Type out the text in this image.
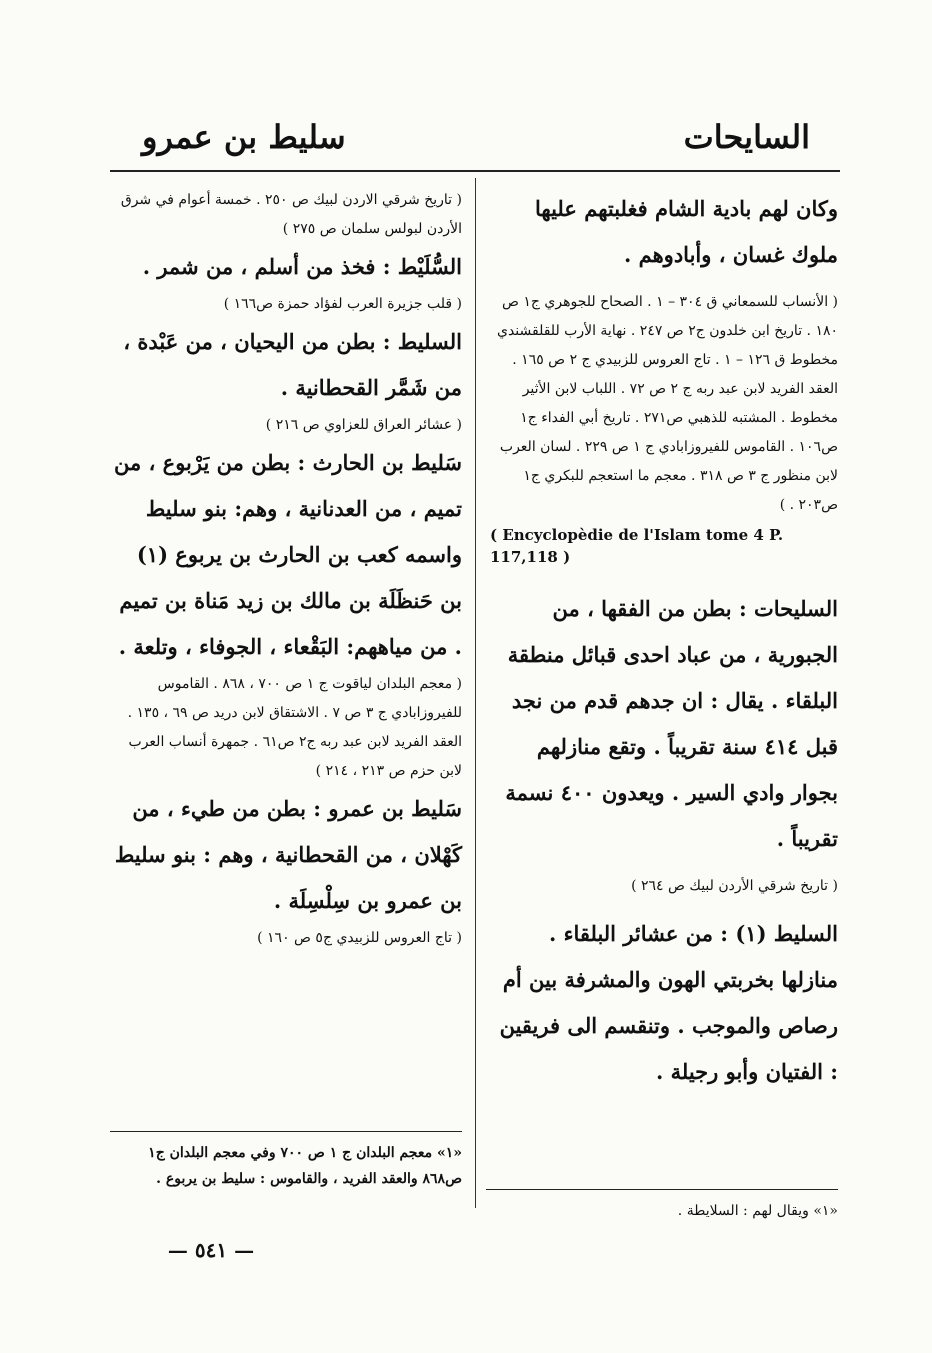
السايحات
سليط بن عمرو

وكان لهم بادية الشام فغلبتهم عليها ملوك غسان ، وأبادوهم .

( الأنساب للسمعاني ق ٣٠٤ – ١ . الصحاح للجوهري ج١ ص ١٨٠ . تاريخ ابن خلدون ج٢ ص ٢٤٧ . نهاية الأرب للقلقشندي مخطوط ق ١٢٦ – ١ . تاج العروس للزبيدي ج ٢ ص ١٦٥ . العقد الفريد لابن عبد ربه ج ٢ ص ٧٢ . اللباب لابن الأثير مخطوط . المشتبه للذهبي ص٢٧١ . تاريخ أبي الفداء ج١ ص١٠٦ . القاموس للفيروزابادي ج ١ ص ٢٢٩ . لسان العرب لابن منظور ج ٣ ص ٣١٨ . معجم ما استعجم للبكري ج١ ص٢٠٣ . )

( Encyclopèdie de l'Islam tome 4 P. 117,118 )

السليحات : بطن من الفقها ، من الجبورية ، من عباد احدى قبائل منطقة البلقاء . يقال : ان جدهم قدم من نجد قبل ٤١٤ سنة تقريباً . وتقع منازلهم بجوار وادي السير . ويعدون ٤٠٠ نسمة تقريباً .

( تاريخ شرقي الأردن لبيك ص ٢٦٤ )

السليط (١) : من عشائر البلقاء . منازلها بخربتي الهون والمشرفة بين أم رصاص والموجب . وتنقسم الى فريقين : الفتيان وأبو رجيلة .

( تاريخ شرقي الاردن لبيك ص ٢٥٠ . خمسة أعوام في شرق الأردن لبولس سلمان ص ٢٧٥ )

السُّلَيْط : فخذ من أسلم ، من شمر .

( قلب جزيرة العرب لفؤاد حمزة ص١٦٦ )

السليط : بطن من اليحيان ، من عَبْدة ، من شَمَّر القحطانية .

( عشائر العراق للعزاوي ص ٢١٦ )

سَليط بن الحارث : بطن من يَرْبوع ، من تميم ، من العدنانية ، وهم: بنو سليط واسمه كعب بن الحارث بن يربوع (١) بن حَنظَلَة بن مالك بن زيد مَناة بن تميم . من مياههم: البَقْعاء ، الجوفاء ، وتلعة .

( معجم البلدان لياقوت ج ١ ص ٧٠٠ ، ٨٦٨ . القاموس للفيروزابادي ج ٣ ص ٧ . الاشتقاق لابن دريد ص ٦٩ ، ١٣٥ . العقد الفريد لابن عبد ربه ج٢ ص٦١ . جمهرة أنساب العرب لابن حزم ص ٢١٣ ، ٢١٤ )

سَليط بن عمرو : بطن من طيء ، من كَهْلان ، من القحطانية ، وهم : بنو سليط بن عمرو بن سِلْسِلَة .

( تاج العروس للزبيدي ج٥ ص ١٦٠ )

«١» معجم البلدان ج ١ ص ٧٠٠ وفي معجم البلدان ج١ ص٨٦٨ والعقد الفريد ، والقاموس : سليط بن يربوع .
«١» ويقال لهم : السلايطة .
— ٥٤١ —
